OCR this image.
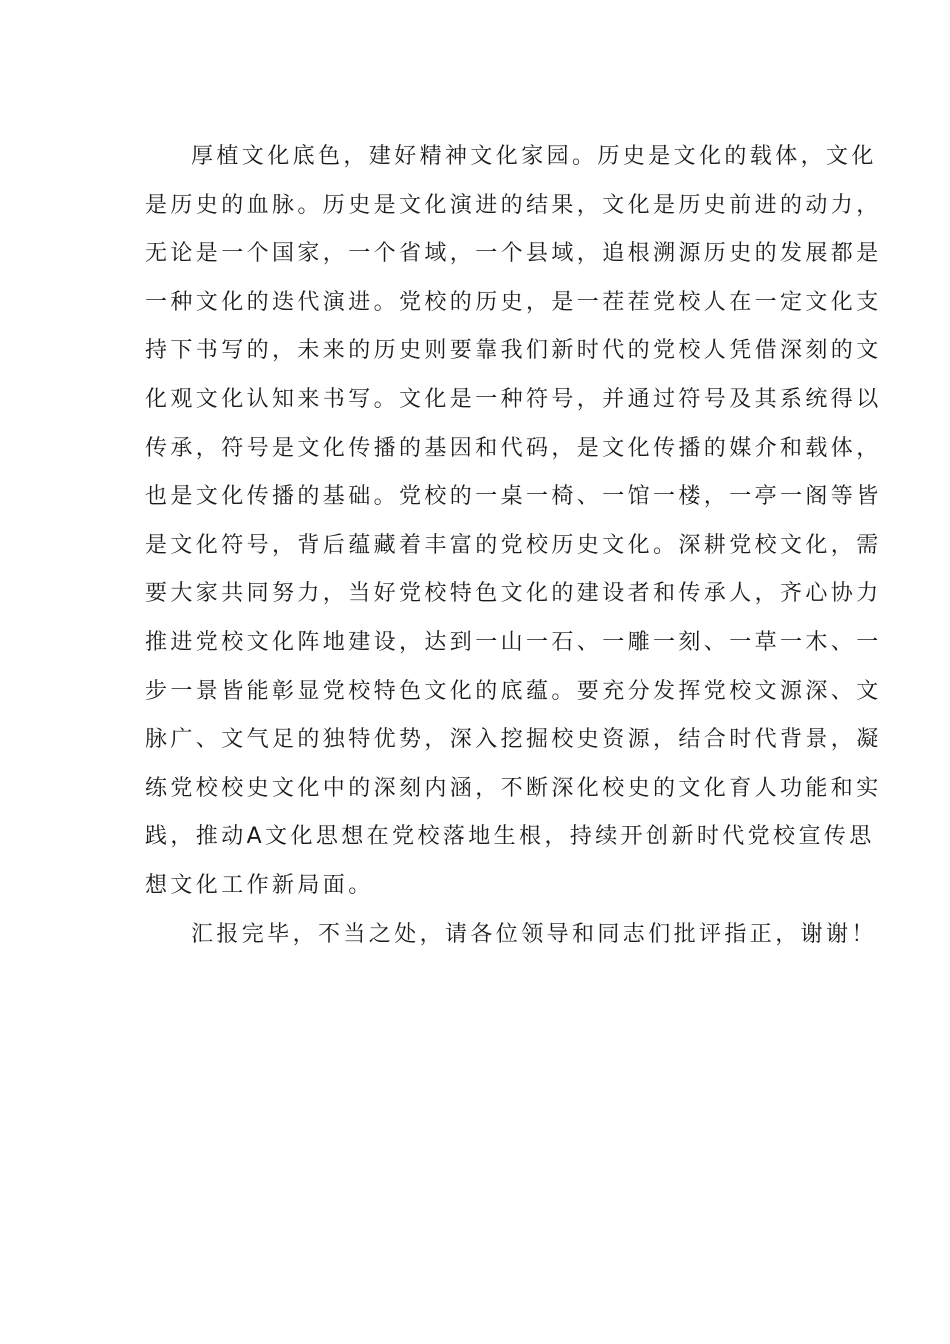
厚植文化底色，建好精神文化家园。历史是文化的载体，文化
是历史的血脉。历史是文化演进的结果，文化是历史前进的动力，
无论是一个国家，一个省域，一个县域，追根溯源历史的发展都是
一种文化的迭代演进。党校的历史，是一茬茬党校人在一定文化支
持下书写的，未来的历史则要靠我们新时代的党校人凭借深刻的文
化观文化认知来书写。文化是一种符号，并通过符号及其系统得以
传承，符号是文化传播的基因和代码，是文化传播的媒介和载体，
也是文化传播的基础。党校的一桌一椅、一馆一楼，一亭一阁等皆
是文化符号，背后蕴藏着丰富的党校历史文化。深耕党校文化，需
要大家共同努力，当好党校特色文化的建设者和传承人，齐心协力
推进党校文化阵地建设，达到一山一石、一雕一刻、一草一木、一
步一景皆能彰显党校特色文化的底蕴。要充分发挥党校文源深、文
脉广、文气足的独特优势，深入挖掘校史资源，结合时代背景，凝
练党校校史文化中的深刻内涵，不断深化校史的文化育人功能和实
践，推动A文化思想在党校落地生根，持续开创新时代党校宣传思
想文化工作新局面。
汇报完毕，不当之处，请各位领导和同志们批评指正，谢谢！
